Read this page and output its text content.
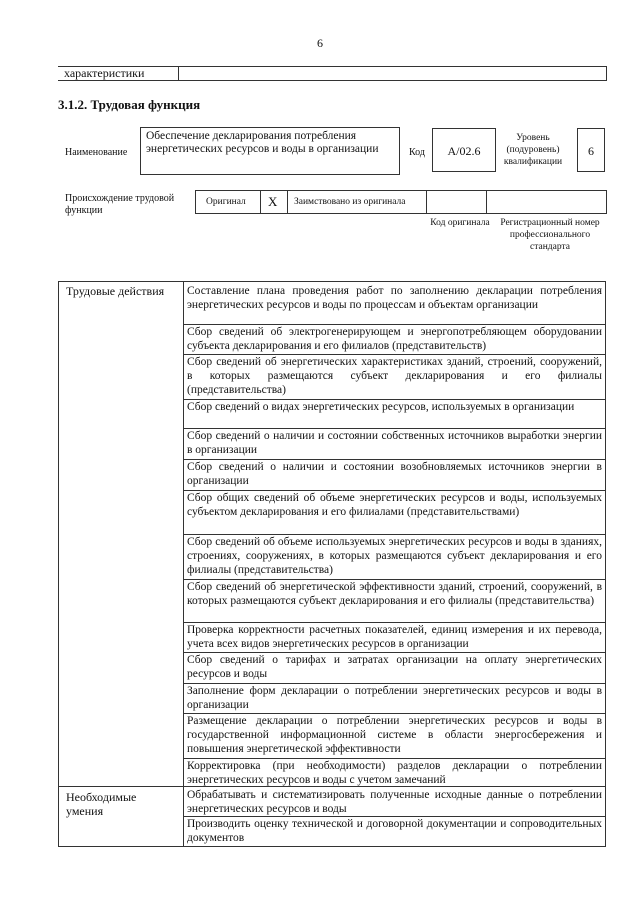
6
характеристики
3.1.2. Трудовая функция
Наименование
Обеспечение декларирования потребления энергетических ресурсов и воды в организации	Код	A/02.6
Уровень (подуровень) квалификации
6
Происхождение трудовой функции
Оригинал X Заимствовано из оригинала
Код оригинала Регистрационный номер профессионального стандарта
Трудовые действия
Необходимые умения
Составление плана проведения работ по заполнению декларации потребления энергетических ресурсов и воды по процессам и объектам организации
Сбор сведений об электрогенерирующем и энергопотребляющем оборудовании субъекта декларирования и его филиалов (представительств)
Сбор сведений об энергетических характеристиках зданий, строений, сооружений, в которых размещаются субъект декларирования и его филиалы (представительства)
Сбор сведений о видах энергетических ресурсов, используемых в организации
Сбор сведений о наличии и состоянии собственных источников выработки энергии в организации
Сбор сведений о наличии и состоянии возобновляемых источников энергии в организации
Сбор общих сведений об объеме энергетических ресурсов и воды, используемых субъектом декларирования и его филиалами (представительствами)
Сбор сведений об объеме используемых энергетических ресурсов и воды в зданиях, строениях, сооружениях, в которых размещаются субъект декларирования и его филиалы (представительства)
Сбор сведений об энергетической эффективности зданий, строений, сооружений, в которых размещаются субъект декларирования и его филиалы (представительства)
Проверка корректности расчетных показателей, единиц измерения и их перевода, учета всех видов энергетических ресурсов в организации
Сбор сведений о тарифах и затратах организации на оплату энергетических ресурсов и воды
Заполнение форм декларации о потреблении энергетических ресурсов и воды в организации
Размещение декларации о потреблении энергетических ресурсов и воды в государственной информационной системе в области энергосбережения и повышения энергетической эффективности
Корректировка (при необходимости) разделов декларации о потреблении энергетических ресурсов и воды с учетом замечаний
Обрабатывать и систематизировать полученные исходные данные о потреблении энергетических ресурсов и воды
Производить оценку технической и договорной документации и сопроводительных документов
